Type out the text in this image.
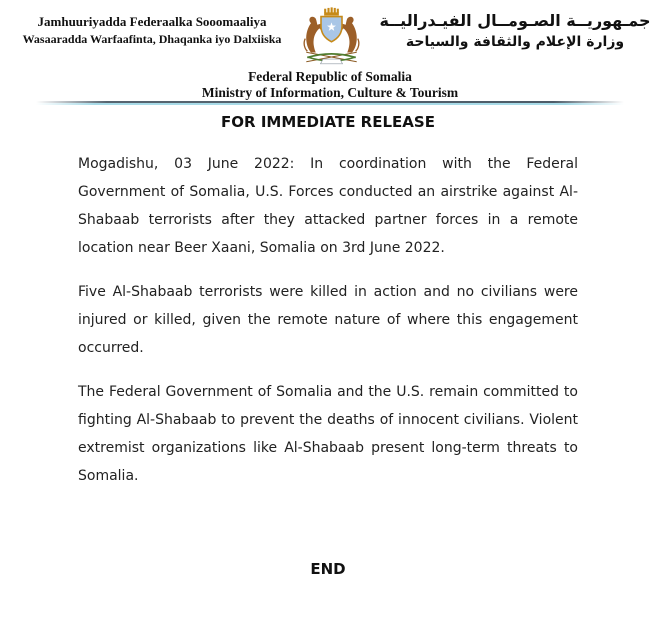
Jamhuuriyadda Federaalka Sooomaaliya
Wasaaradda Warfaafinta, Dhaqanka iyo Dalxiiska
جمـهوريــة الصـومــال الفيـدراليــة
وزارة الإعلام والثقافة والسياحة
Federal Republic of Somalia
Ministry of Information, Culture & Tourism
FOR IMMEDIATE RELEASE

Mogadishu, 03 June 2022: In coordination with the Federal Government of Somalia, U.S. Forces conducted an airstrike against Al-Shabaab terrorists after they attacked partner forces in a remote location near Beer Xaani, Somalia on 3rd June 2022.

Five Al-Shabaab terrorists were killed in action and no civilians were injured or killed, given the remote nature of where this engagement occurred.

The Federal Government of Somalia and the U.S. remain committed to fighting Al-Shabaab to prevent the deaths of innocent civilians. Violent extremist organizations like Al-Shabaab present long-term threats to Somalia.

END
